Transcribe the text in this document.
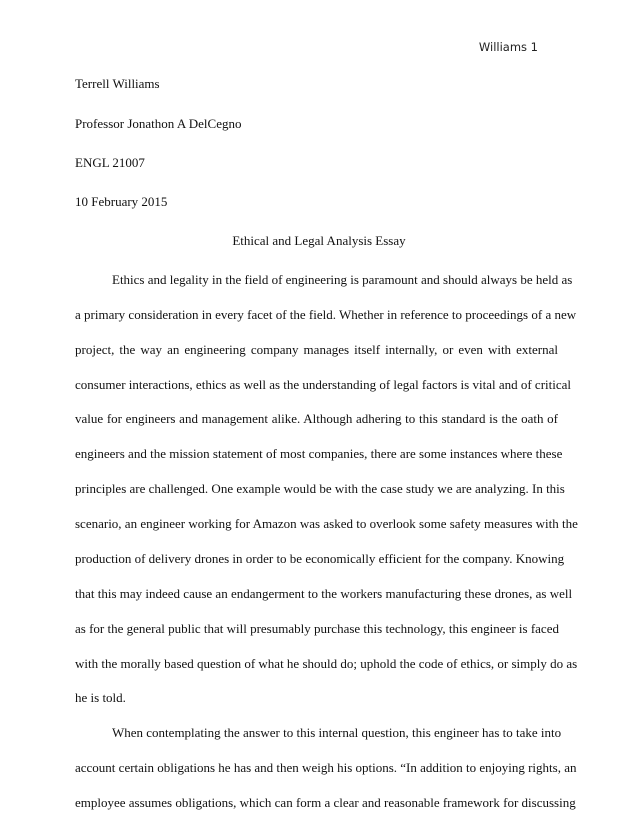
Williams 1
Terrell Williams
Professor Jonathon A DelCegno
ENGL 21007
10 February 2015
Ethical and Legal Analysis Essay
Ethics and legality in the field of engineering is paramount and should always be held as
a primary consideration in every facet of the field. Whether in reference to proceedings of a new
project, the way an engineering company manages itself internally, or even with external
consumer interactions, ethics as well as the understanding of legal factors is vital and of critical
value for engineers and management alike. Although adhering to this standard is the oath of
engineers and the mission statement of most companies, there are some instances where these
principles are challenged. One example would be with the case study we are analyzing. In this
scenario, an engineer working for Amazon was asked to overlook some safety measures with the
production of delivery drones in order to be economically efficient for the company. Knowing
that this may indeed cause an endangerment to the workers manufacturing these drones, as well
as for the general public that will presumably purchase this technology, this engineer is faced
with the morally based question of what he should do; uphold the code of ethics, or simply do as
he is told.
When contemplating the answer to this internal question, this engineer has to take into
account certain obligations he has and then weigh his options. “In addition to enjoying rights, an
employee assumes obligations, which can form a clear and reasonable framework for discussing
